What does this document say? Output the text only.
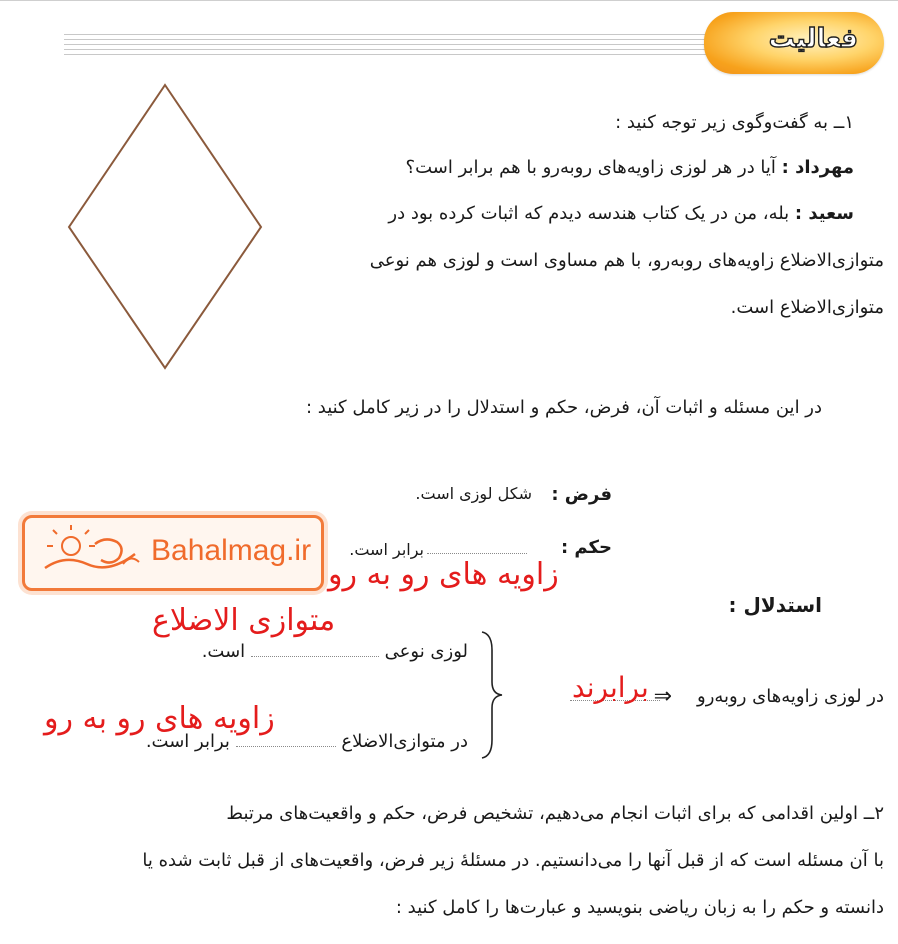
فعالیت
١ــ به گفت‌وگوی زیر توجه کنید :
مهرداد : آیا در هر لوزی زاویه‌های روبه‌رو با هم برابر است؟
سعید : بله، من در یک کتاب هندسه دیدم که اثبات کرده بود در
متوازی‌الاضلاع زاویه‌های روبه‌رو، با هم مساوی است و لوزی هم نوعی
متوازی‌الاضلاع است.
در این مسئله و اثبات آن، فرض، حکم و استدلال را در زیر کامل کنید :
فرض :
شکل لوزی است.
حکم :
برابر است.
زاویه های رو به رو
استدلال :
متوازی الاضلاع
لوزی نوعی  است.
⇒ در لوزی زاویه‌های روبه‌رو
برابرند
زاویه های رو به رو
در متوازی‌الاضلاع  برابر است.
Bahalmag.ir
٢ــ اولین اقدامی که برای اثبات انجام می‌دهیم، تشخیص فرض، حکم و واقعیت‌های مرتبط
با آن مسئله است که از قبل آنها را می‌دانستیم. در مسئلهٔ زیر فرض، واقعیت‌های از قبل ثابت شده یا
دانسته و حکم را به زبان ریاضی بنویسید و عبارت‌ها را کامل کنید :
